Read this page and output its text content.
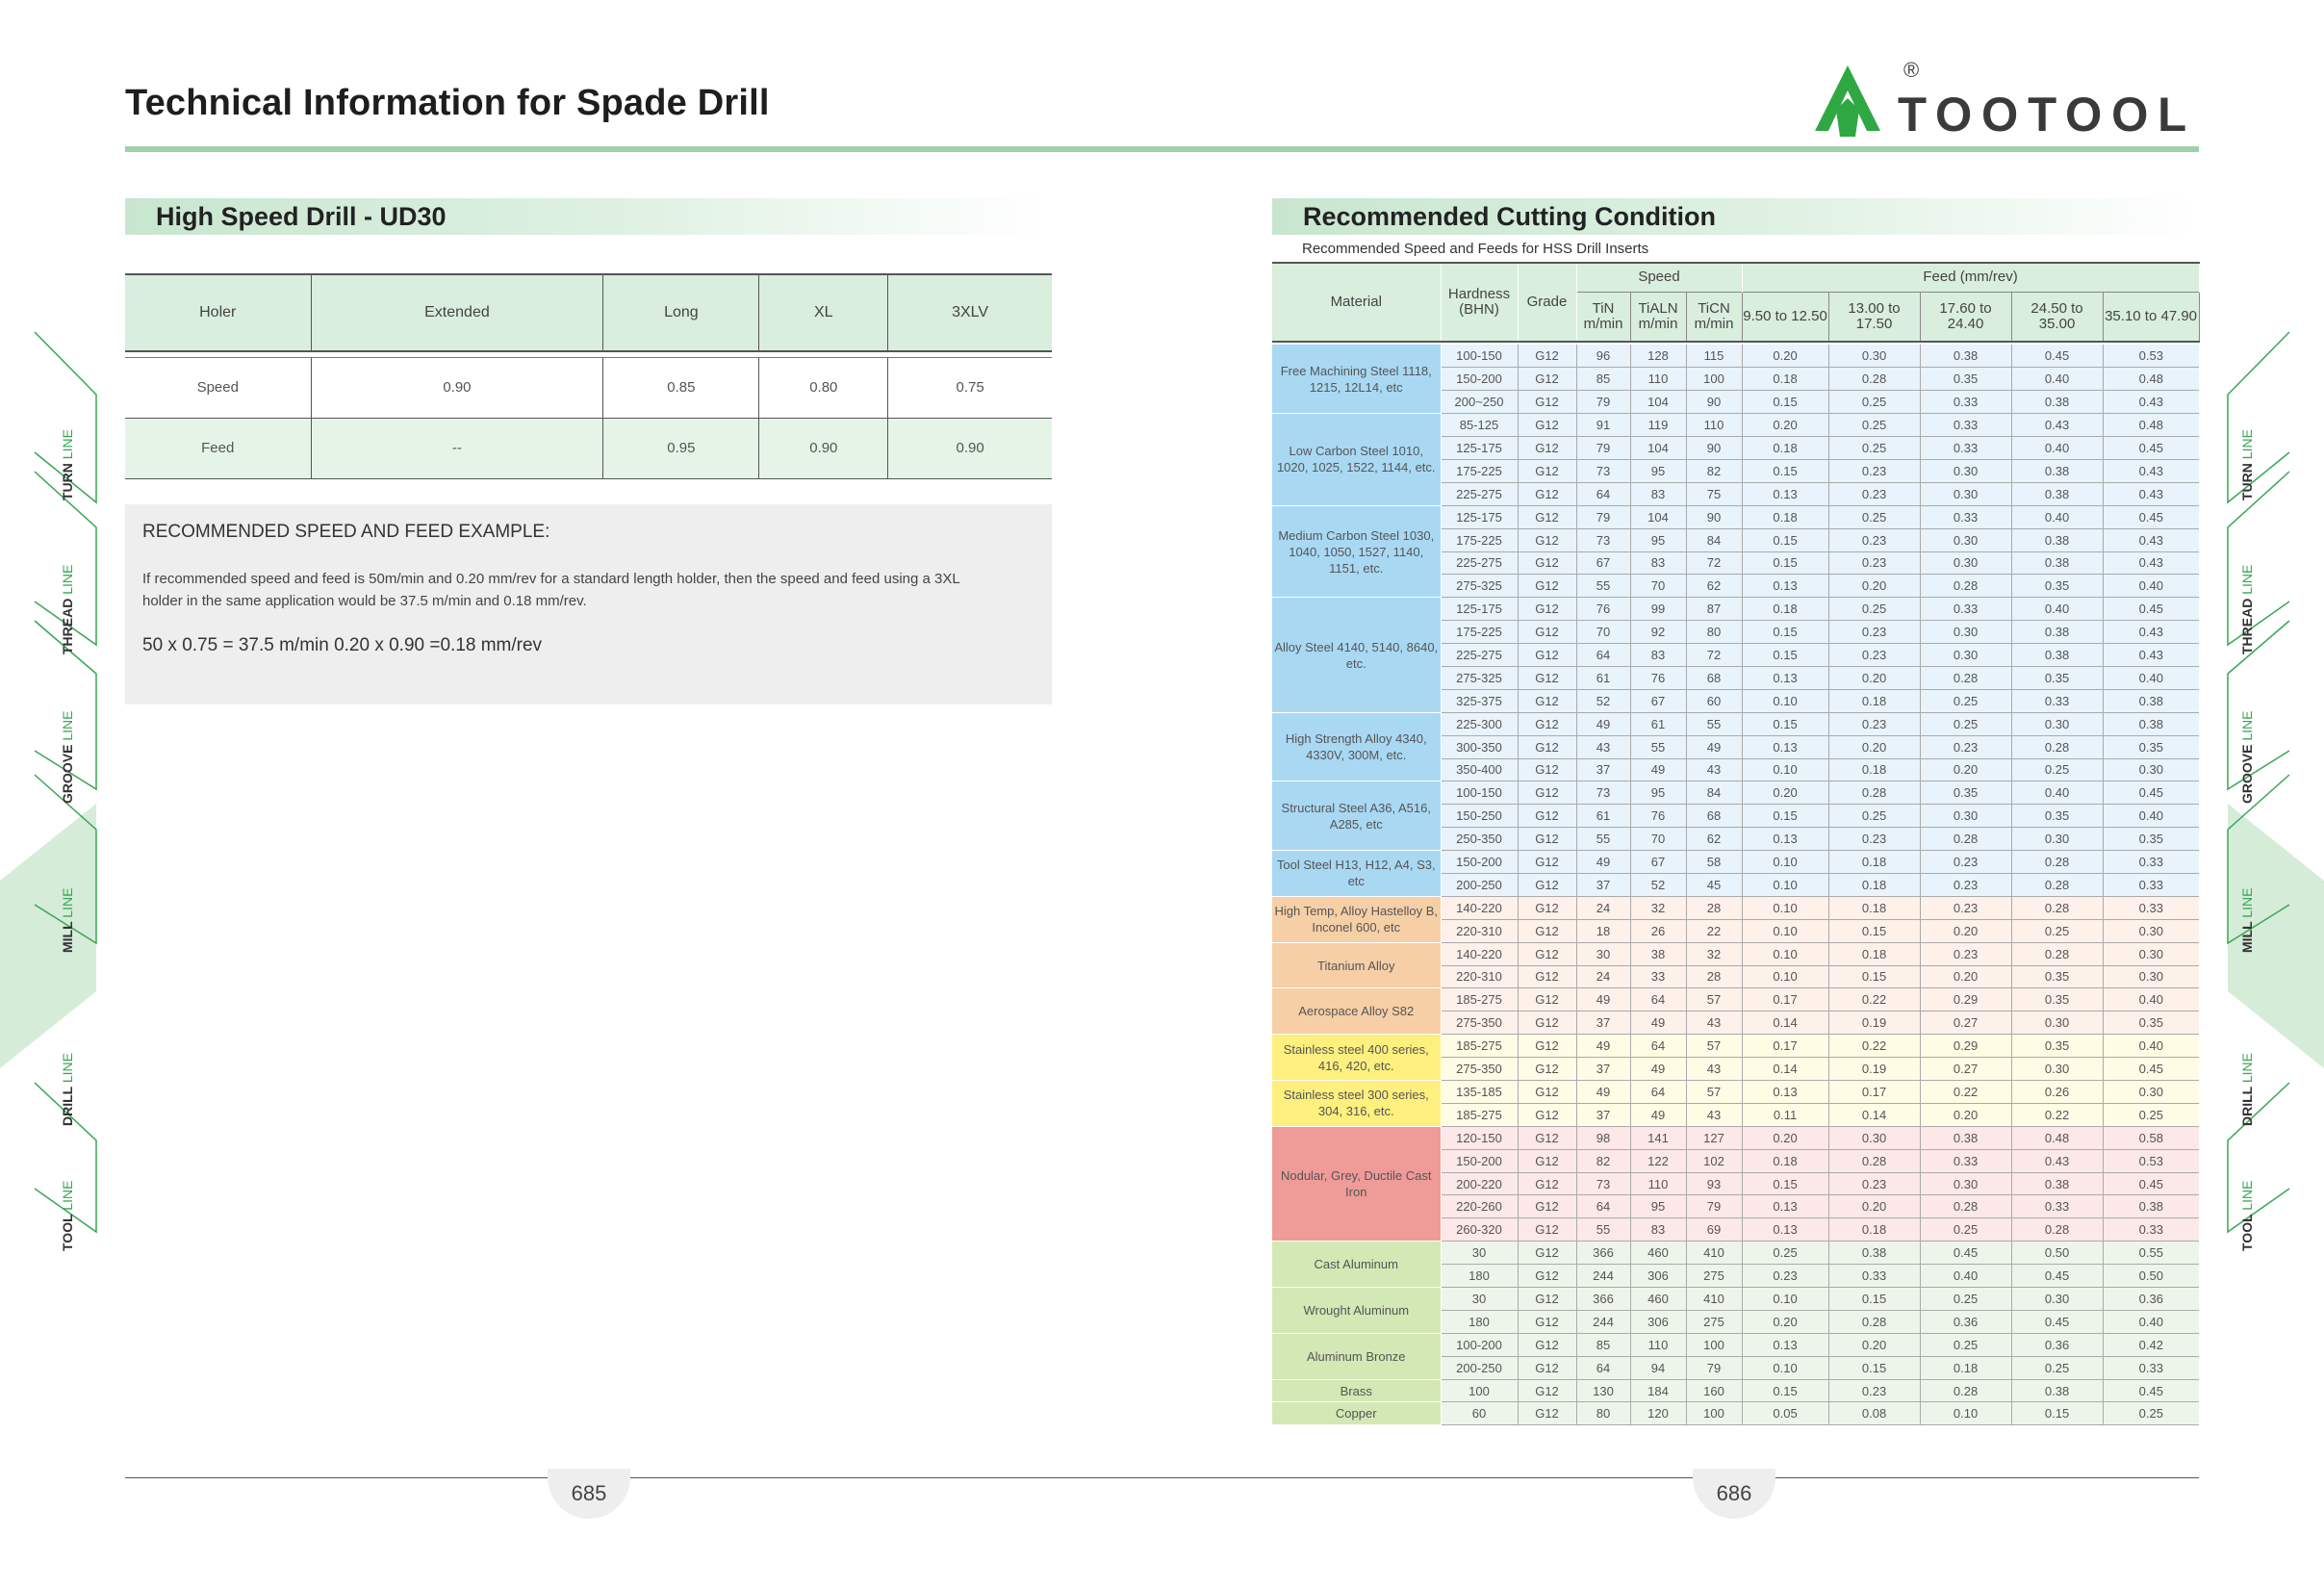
Technical Information for Spade Drill
®
TOOTOOL
High Speed Drill - UD30	Recommended Cutting Condition
Holer	Extended	Long	XL	3XLV

Speed	0.90	0.85	0.80	0.75
Feed	--	0.95	0.90	0.90
RECOMMENDED SPEED AND FEED EXAMPLE:
If recommended speed and feed is 50m/min and 0.20 mm/rev for a standard length holder, then the speed and feed using a 3XL holder in the same application would be 37.5 m/min and 0.18 mm/rev.
50 x 0.75 = 37.5 m/min 0.20 x 0.90 =0.18 mm/rev
Recommended Speed and Feeds for HSS Drill Inserts
Material	Hardness (BHN)	Grade	Speed			Feed (mm/rev)				
			TiN m/min	TiALN m/min	TiCN m/min	9.50 to 12.50	13.00 to 17.50	17.60 to 24.40	24.50 to 35.00	35.10 to 47.90

Free Machining Steel 1118, 1215, 12L14, etc	100-150	G12	96	128	115	0.20	0.30	0.38	0.45	0.53
	150-200	G12	85	110	100	0.18	0.28	0.35	0.40	0.48
	200~250	G12	79	104	90	0.15	0.25	0.33	0.38	0.43
Low Carbon Steel 1010, 1020, 1025, 1522, 1144, etc.	85-125	G12	91	119	110	0.20	0.25	0.33	0.43	0.48
	125-175	G12	79	104	90	0.18	0.25	0.33	0.40	0.45
	175-225	G12	73	95	82	0.15	0.23	0.30	0.38	0.43
	225-275	G12	64	83	75	0.13	0.23	0.30	0.38	0.43
Medium Carbon Steel 1030, 1040, 1050, 1527, 1140, 1151, etc.	125-175	G12	79	104	90	0.18	0.25	0.33	0.40	0.45
	175-225	G12	73	95	84	0.15	0.23	0.30	0.38	0.43
	225-275	G12	67	83	72	0.15	0.23	0.30	0.38	0.43
	275-325	G12	55	70	62	0.13	0.20	0.28	0.35	0.40
Alloy Steel 4140, 5140, 8640, etc.	125-175	G12	76	99	87	0.18	0.25	0.33	0.40	0.45
	175-225	G12	70	92	80	0.15	0.23	0.30	0.38	0.43
	225-275	G12	64	83	72	0.15	0.23	0.30	0.38	0.43
	275-325	G12	61	76	68	0.13	0.20	0.28	0.35	0.40
	325-375	G12	52	67	60	0.10	0.18	0.25	0.33	0.38
High Strength Alloy 4340, 4330V, 300M, etc.	225-300	G12	49	61	55	0.15	0.23	0.25	0.30	0.38
	300-350	G12	43	55	49	0.13	0.20	0.23	0.28	0.35
	350-400	G12	37	49	43	0.10	0.18	0.20	0.25	0.30
Structural Steel A36, A516, A285, etc	100-150	G12	73	95	84	0.20	0.28	0.35	0.40	0.45
	150-250	G12	61	76	68	0.15	0.25	0.30	0.35	0.40
	250-350	G12	55	70	62	0.13	0.23	0.28	0.30	0.35
Tool Steel H13, H12, A4, S3, etc	150-200	G12	49	67	58	0.10	0.18	0.23	0.28	0.33
	200-250	G12	37	52	45	0.10	0.18	0.23	0.28	0.33
High Temp, Alloy Hastelloy B, Inconel 600, etc	140-220	G12	24	32	28	0.10	0.18	0.23	0.28	0.33
	220-310	G12	18	26	22	0.10	0.15	0.20	0.25	0.30
Titanium Alloy	140-220	G12	30	38	32	0.10	0.18	0.23	0.28	0.30
	220-310	G12	24	33	28	0.10	0.15	0.20	0.35	0.30
Aerospace Alloy S82	185-275	G12	49	64	57	0.17	0.22	0.29	0.35	0.40
	275-350	G12	37	49	43	0.14	0.19	0.27	0.30	0.35
Stainless steel 400 series, 416, 420, etc.	185-275	G12	49	64	57	0.17	0.22	0.29	0.35	0.40
	275-350	G12	37	49	43	0.14	0.19	0.27	0.30	0.45
Stainless steel 300 series, 304, 316, etc.	135-185	G12	49	64	57	0.13	0.17	0.22	0.26	0.30
	185-275	G12	37	49	43	0.11	0.14	0.20	0.22	0.25
Nodular, Grey, Ductile Cast Iron	120-150	G12	98	141	127	0.20	0.30	0.38	0.48	0.58
	150-200	G12	82	122	102	0.18	0.28	0.33	0.43	0.53
	200-220	G12	73	110	93	0.15	0.23	0.30	0.38	0.45
	220-260	G12	64	95	79	0.13	0.20	0.28	0.33	0.38
	260-320	G12	55	83	69	0.13	0.18	0.25	0.28	0.33
Cast Aluminum	30	G12	366	460	410	0.25	0.38	0.45	0.50	0.55
	180	G12	244	306	275	0.23	0.33	0.40	0.45	0.50
Wrought Aluminum	30	G12	366	460	410	0.10	0.15	0.25	0.30	0.36
	180	G12	244	306	275	0.20	0.28	0.36	0.45	0.40
Aluminum Bronze	100-200	G12	85	110	100	0.13	0.20	0.25	0.36	0.42
	200-250	G12	64	94	79	0.10	0.15	0.18	0.25	0.33
Brass	100	G12	130	184	160	0.15	0.23	0.28	0.38	0.45
Copper	60	G12	80	120	100	0.05	0.08	0.10	0.15	0.25
TURN LINE
THREAD LINE
GROOVE LINE
MILL LINE
DRILL LINE
TOOL LINE
TURN LINE
THREAD LINE
GROOVE LINE
MILL LINE
DRILL LINE
TOOL LINE
685	686
